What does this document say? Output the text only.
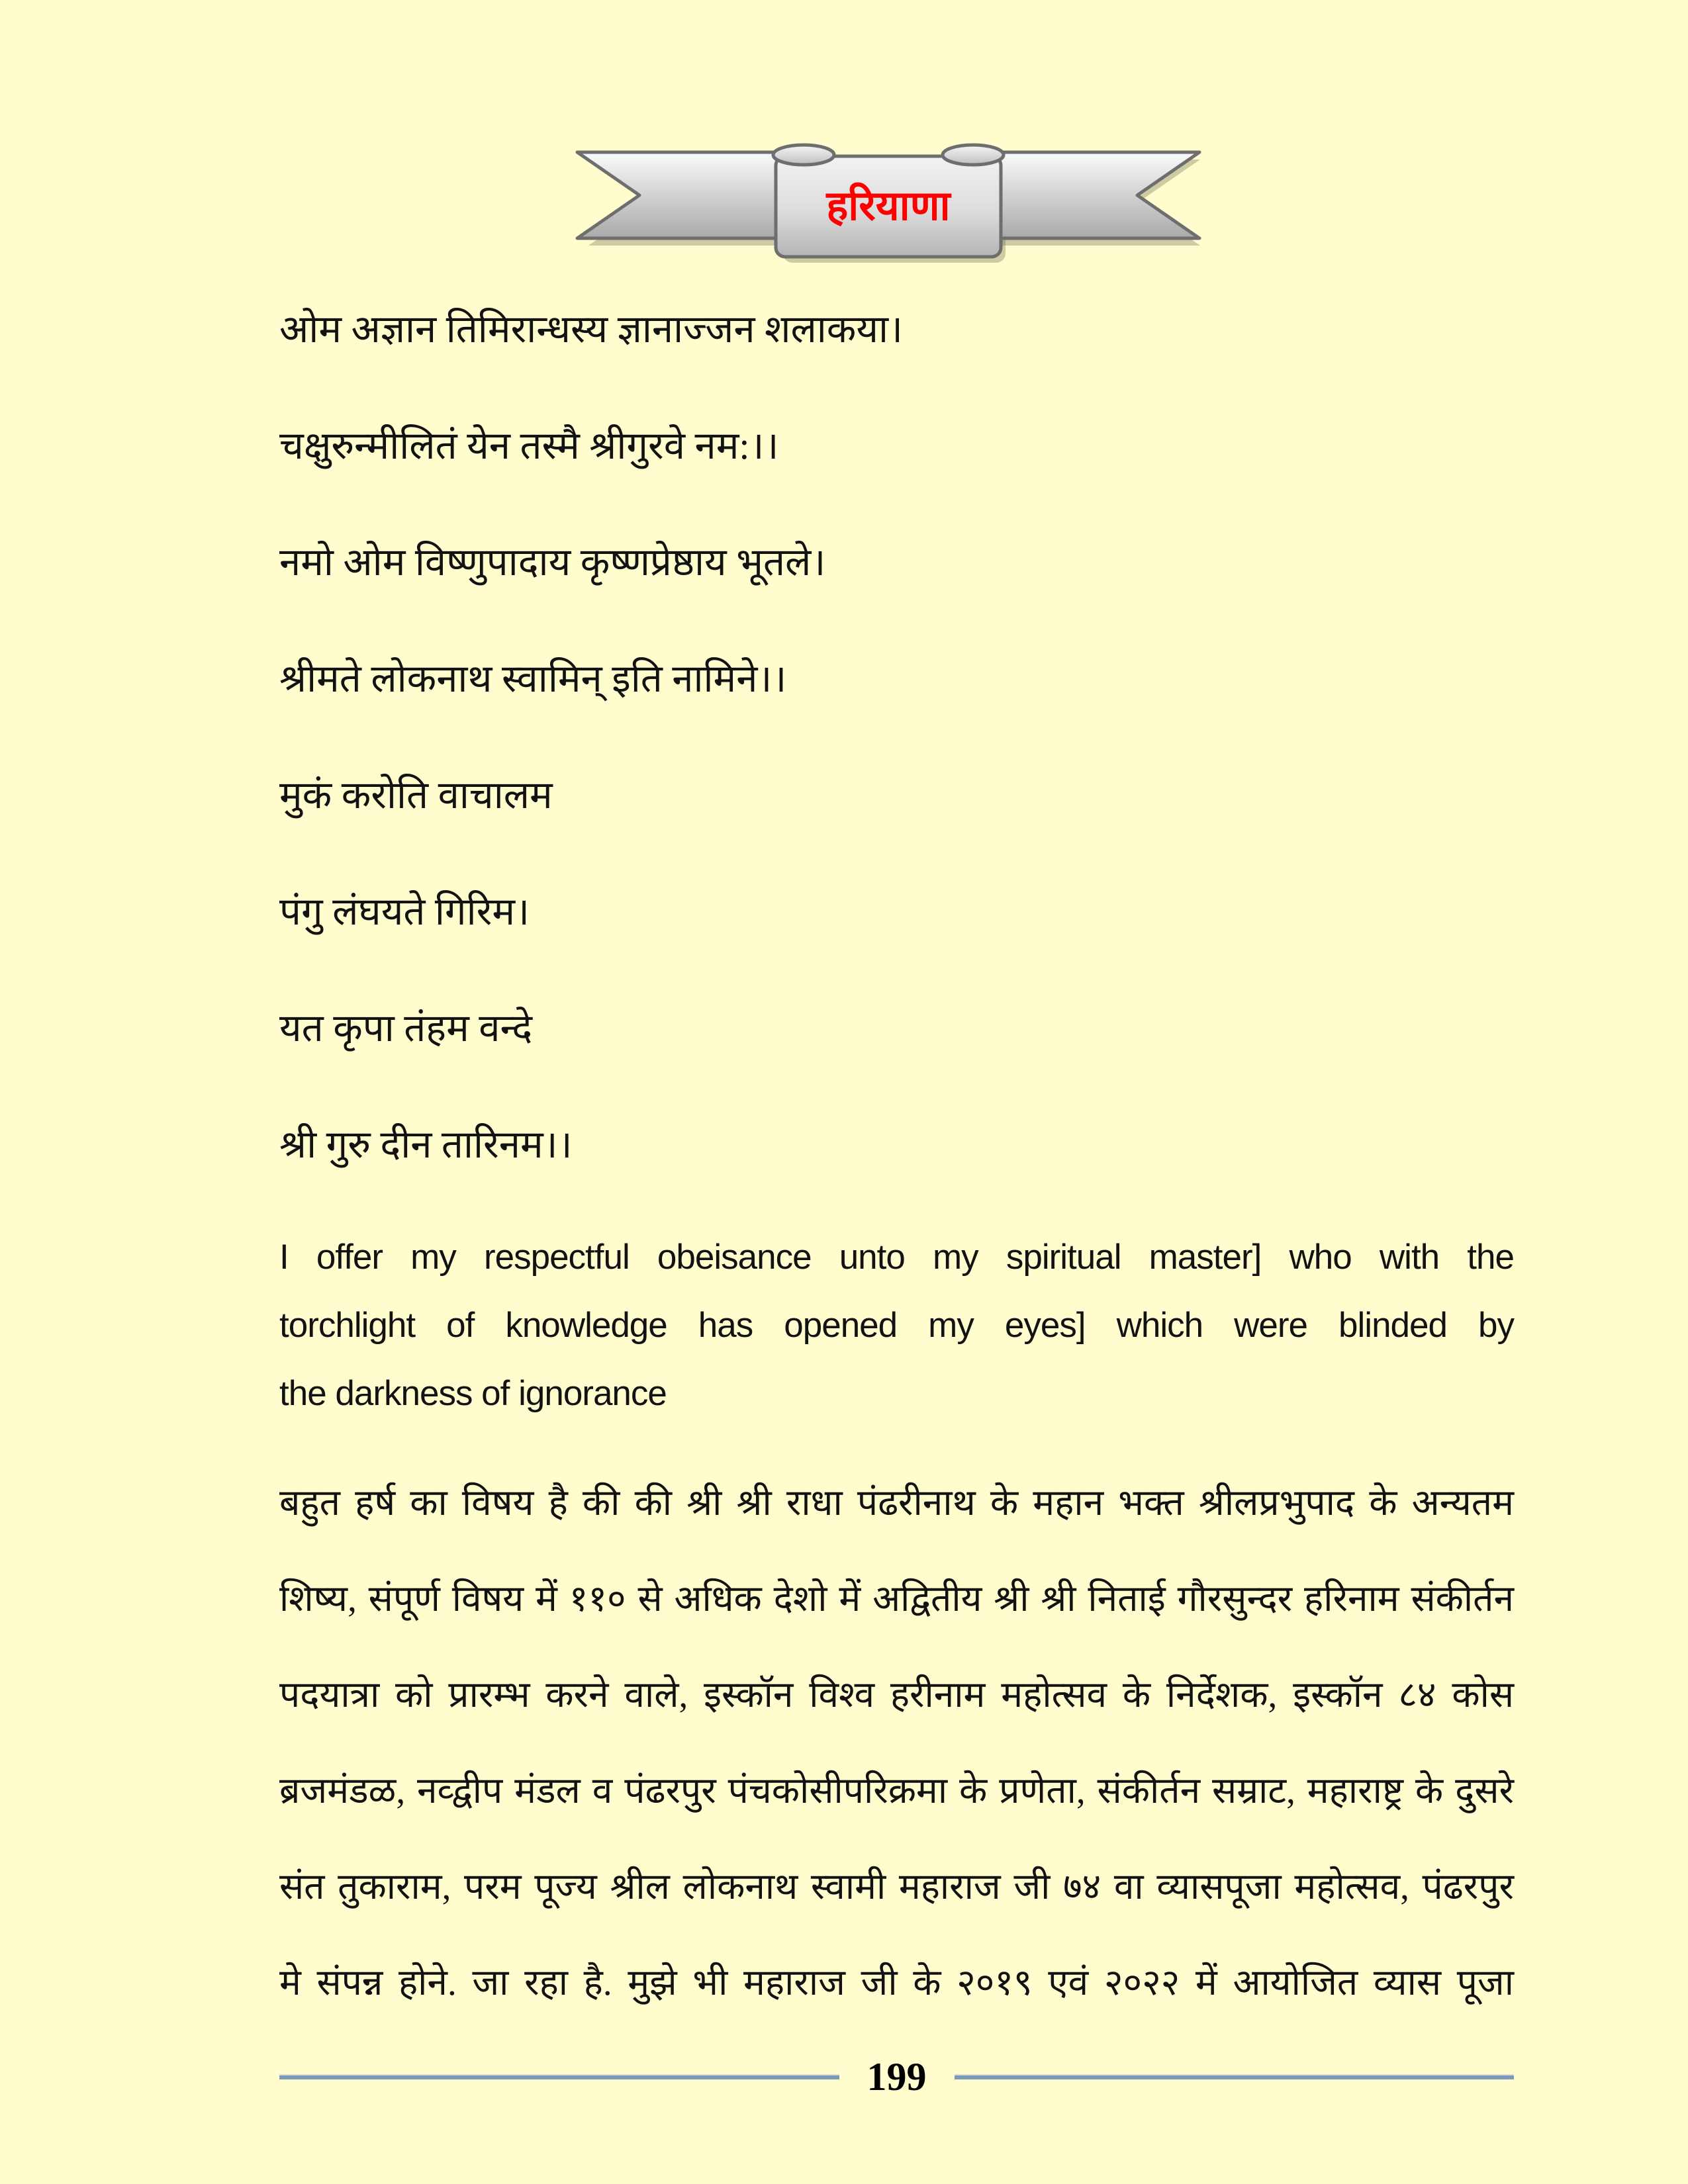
हरियाणा
ओम अज्ञान तिमिरान्धस्य ज्ञानाज्जन शलाकया।
चक्षुरुन्मीलितं येन तस्मै श्रीगुरवे नम:।।
नमो ओम विष्णुपादाय कृष्णप्रेष्ठाय भूतले।
श्रीमते लोकनाथ स्वामिन् इति नामिने।।
मुकं करोति वाचालम
पंगु लंघयते गिरिम।
यत कृपा तंहम वन्दे
श्री गुरु दीन तारिनम।।
I offer my respectful obeisance unto my spiritual master] who with the
torchlight of knowledge has opened my eyes] which were blinded by
the darkness of ignorance
बहुत हर्ष का विषय है की की श्री श्री राधा पंढरीनाथ के महान भक्त श्रीलप्रभुपाद के अन्यतम
शिष्य, संपूर्ण विषय में ११० से अधिक देशो में अद्वितीय श्री श्री निताई गौरसुन्दर हरिनाम संकीर्तन
पदयात्रा को प्रारम्भ करने वाले, इस्कॉन विश्व हरीनाम महोत्सव के निर्देशक, इस्कॉन ८४ कोस
ब्रजमंडळ, नव्द्वीप मंडल व पंढरपुर पंचकोसीपरिक्रमा के प्रणेता, संकीर्तन सम्राट, महाराष्ट्र के दुसरे
संत तुकाराम, परम पूज्य श्रील लोकनाथ स्वामी महाराज जी ७४ वा व्यासपूजा महोत्सव, पंढरपुर
मे संपन्न होने. जा रहा है. मुझे भी महाराज जी के २०१९ एवं २०२२ में आयोजित व्यास पूजा
199
